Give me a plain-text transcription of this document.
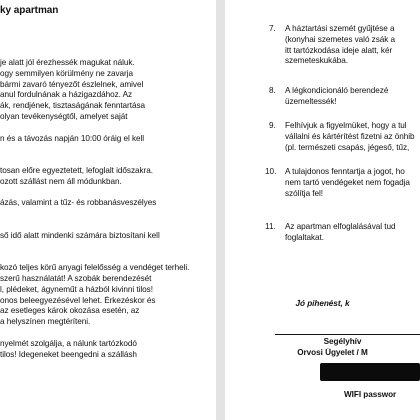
ky apartman
je alatt jól érezhessék magukat náluk.
ogy semmilyen körülmény ne zavarja
bármi zavaró tényezőt észlelnek, amivel
anul fordulnának a házigazdához. Az
ák, rendjének, tisztaságának fenntartása
olyan tevékenységtől, amelyet saját
n és a távozás napján 10:00 óráig el kell
tosan előre egyeztetett, lefoglalt időszakra.
ozott szállást nem áll módunkban.
ázás, valamint a tűz- és robbanásveszélyes
ső idő alatt mindenki számára biztosítani kell
kozó teljes körű anyagi felelősség a vendéget terheli.
szerű használatát! A szobák berendezését
l, plédeket, ágyneműt a házból kivinni tilos!
onos beleegyezésével lehet. Érkezéskor és
az esetleges károk okozása esetén, az
a helyszínen megtéríteni.
nyelmét szolgálja, a nálunk tartózkodó
tilos! Idegeneket beengedni a szállásh
7. A háztartási szemét gyűjtése a
(konyhai szemetes való zsák a
itt tartózkodása ideje alatt, kér
szemeteskukába.
8. A légkondicionáló berendezé
üzemeltessék!
9. Felhívjuk a figyelmüket, hogy a tul
vállalni és kártérítést fizetni az önhib
(pl. természeti csapás, jégeső, tűz,
10. A tulajdonos fenntartja a jogot, ho
nem tartó vendégeket nem fogadja
szólítja fel!
11. Az apartman elfoglalásával tud
foglaltakat.
Jó pihenést, k
Segélyhív
Orvosi Ügyelet / M
WIFI passwor
